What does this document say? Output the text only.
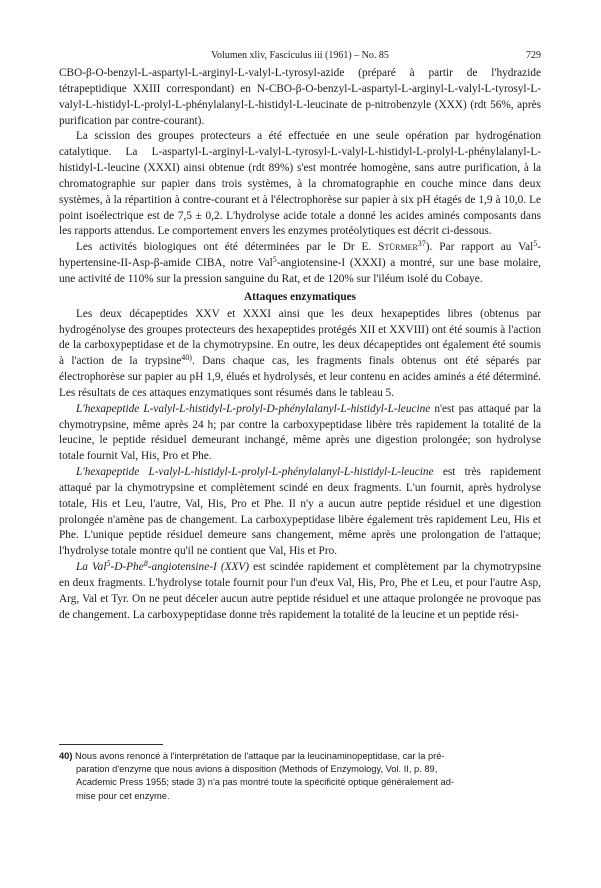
Volumen xliv, Fasciculus iii (1961) – No. 85	729

CBO-β-O-benzyl-L-aspartyl-L-arginyl-L-valyl-L-tyrosyl-azide (préparé à partir de l'hydrazide tétrapeptidique XXIII correspondant) en N-CBO-β-O-benzyl-L-aspartyl-L-arginyl-L-valyl-L-tyrosyl-L-valyl-L-histidyl-L-prolyl-L-phénylalanyl-L-histidyl-L-leucinate de p-nitrobenzyle (XXX) (rdt 56%, après purification par contre-courant).

La scission des groupes protecteurs a été effectuée en une seule opération par hydrogénation catalytique. La L-aspartyl-L-arginyl-L-valyl-L-tyrosyl-L-valyl-L-histidyl-L-prolyl-L-phénylalanyl-L-histidyl-L-leucine (XXXI) ainsi obtenue (rdt 89%) s'est montrée homogène, sans autre purification, à la chromatographie sur papier dans trois systèmes, à la chromatographie en couche mince dans deux systèmes, à la répartition à contre-courant et à l'électrophorèse sur papier à six pH étagés de 1,9 à 10,0. Le point isoélectrique est de 7,5 ± 0,2. L'hydrolyse acide totale a donné les acides aminés composants dans les rapports attendus. Le comportement envers les enzymes protéolytiques est décrit ci-dessous.

Les activités biologiques ont été déterminées par le Dr E. Stürmer$^{37}$). Par rapport au Val$^5$-hypertensine-II-Asp-β-amide CIBA, notre Val$^5$-angiotensine-I (XXXI) a montré, sur une base molaire, une activité de 110% sur la pression sanguine du Rat, et de 120% sur l'iléum isolé du Cobaye.

Attaques enzymatiques

Les deux décapeptides XXV et XXXI ainsi que les deux hexapeptides libres (obtenus par hydrogénolyse des groupes protecteurs des hexapeptides protégés XII et XXVIII) ont été soumis à l'action de la carboxypeptidase et de la chymotrypsine. En outre, les deux décapeptides ont également été soumis à l'action de la trypsine$^{40)}$. Dans chaque cas, les fragments finals obtenus ont été séparés par électrophorèse sur papier au pH 1,9, élués et hydrolysés, et leur contenu en acides aminés a été déterminé. Les résultats de ces attaques enzymatiques sont résumés dans le tableau 5.

L'hexapeptide L-valyl-L-histidyl-L-prolyl-D-phénylalanyl-L-histidyl-L-leucine n'est pas attaqué par la chymotrypsine, même après 24 h; par contre la carboxypeptidase libère très rapidement la totalité de la leucine, le peptide résiduel demeurant inchangé, même après une digestion prolongée; son hydrolyse totale fournit Val, His, Pro et Phe.

L'hexapeptide L-valyl-L-histidyl-L-prolyl-L-phénylalanyl-L-histidyl-L-leucine est très rapidement attaqué par la chymotrypsine et complètement scindé en deux fragments. L'un fournit, après hydrolyse totale, His et Leu, l'autre, Val, His, Pro et Phe. Il n'y a aucun autre peptide résiduel et une digestion prolongée n'amène pas de changement. La carboxypeptidase libère également très rapidement Leu, His et Phe. L'unique peptide résiduel demeure sans changement, même après une prolongation de l'attaque; l'hydrolyse totale montre qu'il ne contient que Val, His et Pro.

La Val$^5$-D-Phe$^8$-angiotensine-I (XXV) est scindée rapidement et complètement par la chymotrypsine en deux fragments. L'hydrolyse totale fournit pour l'un d'eux Val, His, Pro, Phe et Leu, et pour l'autre Asp, Arg, Val et Tyr. On ne peut déceler aucun autre peptide résiduel et une attaque prolongée ne provoque pas de changement. La carboxypeptidase donne très rapidement la totalité de la leucine et un peptide rési-

40) Nous avons renoncé à l'interprétation de l'attaque par la leucinaminopeptidase, car la pré-
paration d'enzyme que nous avions à disposition (Methods of Enzymology, Vol. II, p. 89,
Academic Press 1955; stade 3) n'a pas montré toute la spécificité optique généralement ad-
mise pour cet enzyme.
